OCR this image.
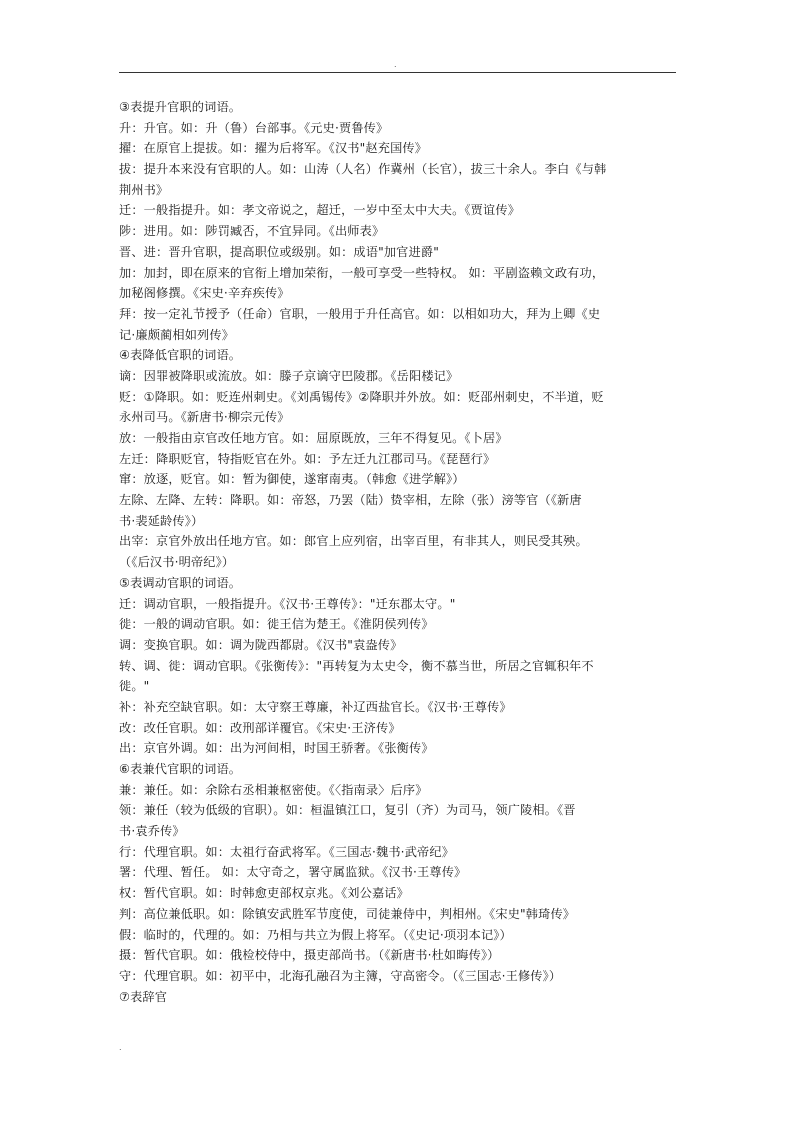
.
③表提升官职的词语。
升：升官。如：升（鲁）台部事。《元史·贾鲁传》
擢：在原官上提拔。如：擢为后将军。《汉书"赵充国传》
拔：提升本来没有官职的人。如：山涛（人名）作冀州（长官），拔三十余人。李白《与韩
荆州书》
迁：一般指提升。如：孝文帝说之，超迁，一岁中至太中大夫。《贾谊传》
陟：进用。如：陟罚臧否，不宜异同。《出师表》
晋、进：晋升官职，提高职位或级别。如：成语"加官进爵"
加：加封，即在原来的官衔上增加荣衔，一般可享受一些特权。 如：平剧盗赖文政有功，
加秘阁修撰。《宋史·辛弃疾传》
拜：按一定礼节授予（任命）官职，一般用于升任高官。如：以相如功大，拜为上卿《史
记·廉颇蔺相如列传》
④表降低官职的词语。
谪：因罪被降职或流放。如：滕子京谪守巴陵郡。《岳阳楼记》
贬：①降职。如：贬连州刺史。《刘禹锡传》②降职并外放。如：贬邵州刺史，不半道，贬
永州司马。《新唐书·柳宗元传》
放：一般指由京官改任地方官。如：屈原既放，三年不得复见。《卜居》
左迁：降职贬官，特指贬官在外。如：予左迁九江郡司马。《琵琶行》
窜：放逐，贬官。如：暂为御使，遂窜南夷。（韩愈《进学解》）
左除、左降、左转：降职。如：帝怒，乃罢（陆）贽宰相，左除（张）滂等官（《新唐
书·裴延龄传》）
出宰：京官外放出任地方官。如：郎官上应列宿，出宰百里，有非其人，则民受其殃。
（《后汉书·明帝纪》）
⑤表调动官职的词语。
迁：调动官职，一般指提升。《汉书·王尊传》："迁东郡太守。"
徙：一般的调动官职。如：徙王信为楚王。《淮阴侯列传》
调：变换官职。如：调为陇西都尉。《汉书"袁盎传》
转、调、徙：调动官职。《张衡传》："再转复为太史令，衡不慕当世，所居之官辄积年不
徙。"
补：补充空缺官职。如：太守察王尊廉，补辽西盐官长。《汉书·王尊传》
改：改任官职。如：改刑部详覆官。《宋史·王济传》
出：京官外调。如：出为河间相，时国王骄奢。《张衡传》
⑥表兼代官职的词语。
兼：兼任。如：余除右丞相兼枢密使。《〈指南录〉后序》
领：兼任（较为低级的官职）。如：桓温镇江口，复引（齐）为司马，领广陵相。《晋
书·袁乔传》
行：代理官职。如：太祖行奋武将军。《三国志·魏书·武帝纪》
署：代理、暂任。 如：太守奇之，署守属监狱。《汉书·王尊传》
权：暂代官职。如：时韩愈吏部权京兆。《刘公嘉话》
判：高位兼低职。如：除镇安武胜军节度使，司徒兼侍中，判相州。《宋史"韩琦传》
假：临时的，代理的。如：乃相与共立为假上将军。（《史记·项羽本记》）
摄：暂代官职。如：俄检校侍中，摄吏部尚书。（《新唐书·杜如晦传》）
守：代理官职。如：初平中，北海孔融召为主簿，守高密令。（《三国志·王修传》）
⑦表辞官
.
